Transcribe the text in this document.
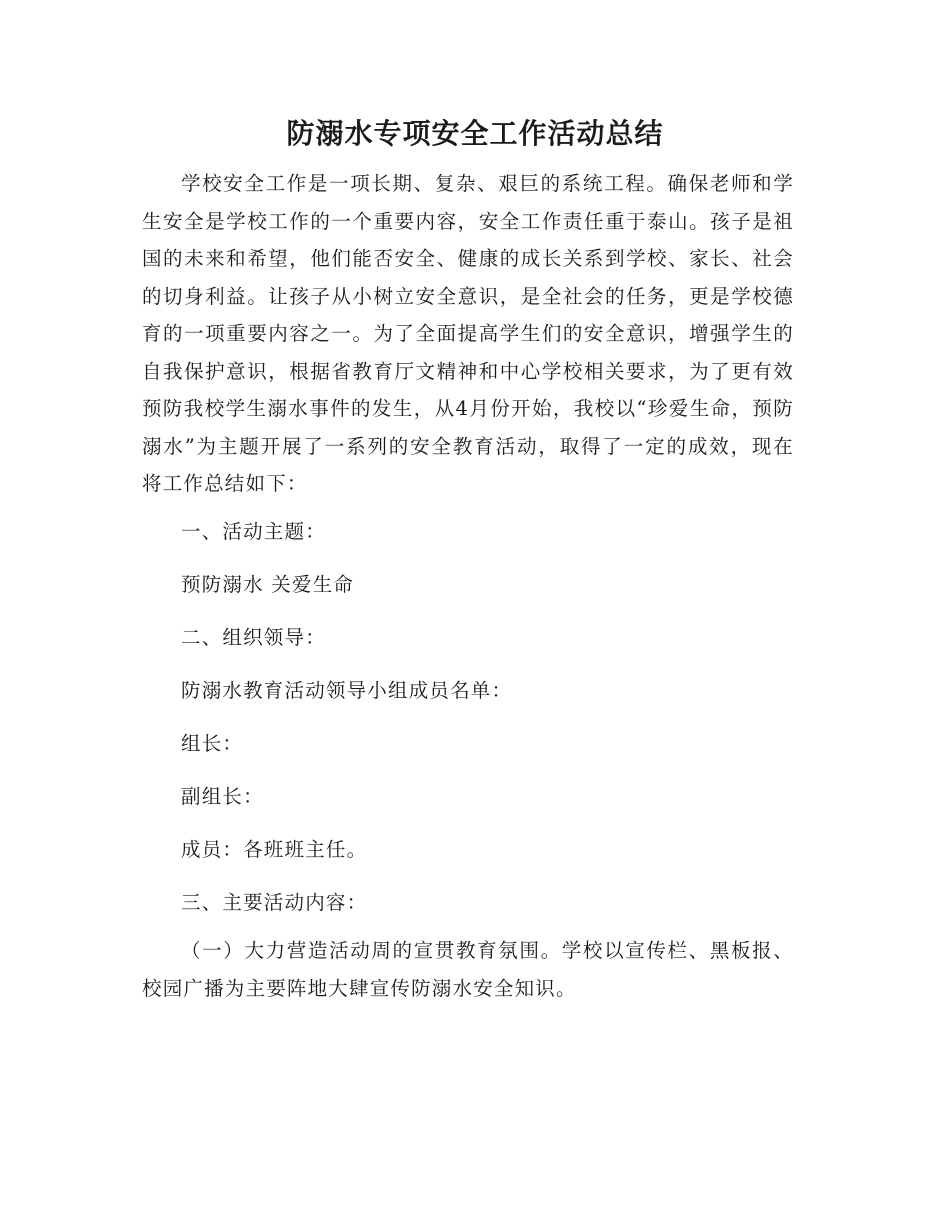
防溺水专项安全工作活动总结

学校安全工作是一项长期、复杂、艰巨的系统工程。确保老师和学生安全是学校工作的一个重要内容，安全工作责任重于泰山。孩子是祖国的未来和希望，他们能否安全、健康的成长关系到学校、家长、社会的切身利益。让孩子从小树立安全意识，是全社会的任务，更是学校德育的一项重要内容之一。为了全面提高学生们的安全意识，增强学生的自我保护意识，根据省教育厅文精神和中心学校相关要求，为了更有效预防我校学生溺水事件的发生，从4月份开始，我校以“珍爱生命，预防溺水”为主题开展了一系列的安全教育活动，取得了一定的成效，现在将工作总结如下：

一、活动主题：

预防溺水 关爱生命

二、组织领导：

防溺水教育活动领导小组成员名单：

组长：

副组长：

成员：各班班主任。

三、主要活动内容：

（一）大力营造活动周的宣贯教育氛围。学校以宣传栏、黑板报、校园广播为主要阵地大肆宣传防溺水安全知识。
